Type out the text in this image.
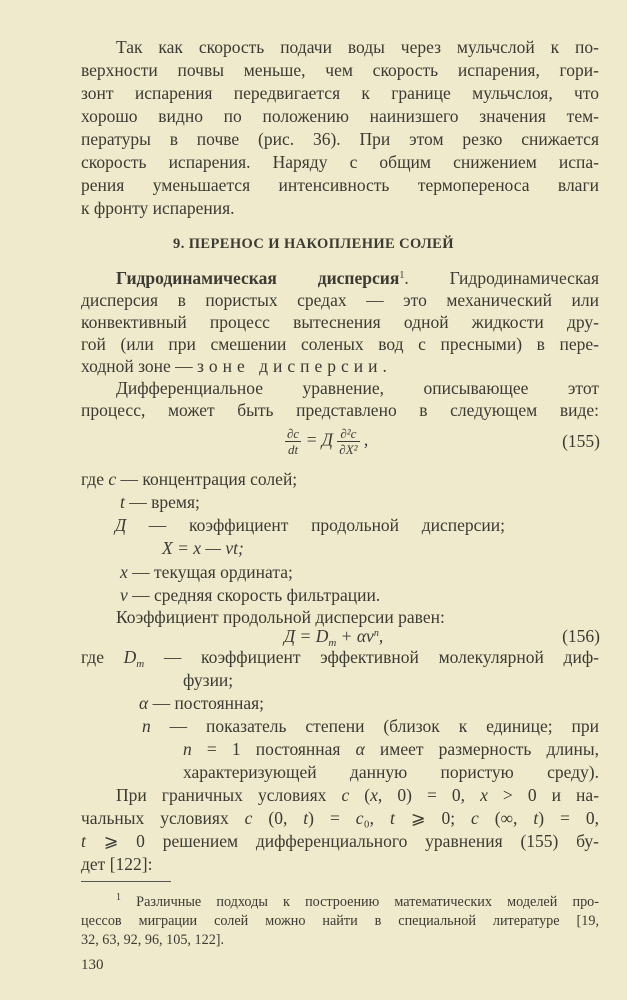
Так как скорость подачи воды через мульчслой к по-
верхности почвы меньше, чем скорость испарения, гори-
зонт испарения передвигается к границе мульчслоя, что
хорошо видно по положению наинизшего значения тем-
пературы в почве (рис. 36). При этом резко снижается
скорость испарения. Наряду с общим снижением испа-
рения уменьшается интенсивность термопереноса влаги
к фронту испарения.
9. ПЕРЕНОС И НАКОПЛЕНИЕ СОЛЕЙ
Гидродинамическая дисперсия$^1$. Гидродинамическая
дисперсия в пористых средах — это механический или
конвективный процесс вытеснения одной жидкости дру-
гой (или при смешении соленых вод с пресными) в пере-
ходной зоне — зоне дисперсии.
Дифференциальное уравнение, описывающее этот
процесс, может быть представлено в следующем виде:
$\frac{\partial c}{dt} = Д \frac{\text{∂²c}}{\text{∂X²}}$ ,	(155)
где c — концентрация солей;
t — время;
Д — коэффициент продольной дисперсии;
X = x — vt;
x — текущая ордината;
v — средняя скорость фильтрации.
Коэффициент продольной дисперсии равен:
$Д = D_m + \alpha v^n$,	(156)
где $D_m$ — коэффициент эффективной молекулярной диф-
фузии;
α — постоянная;
n — показатель степени (близок к единице; при
n = 1 постоянная α имеет размерность длины,
характеризующей данную пористую среду).
При граничных условиях c (x, 0) = 0, x > 0 и на-
чальных условиях c (0, t) = c₀, t ⩾ 0; c (∞, t) = 0,
t ⩾ 0 решением дифференциального уравнения (155) бу-
дет [122]:
$^1$ Различные подходы к построению математических моделей про-
цессов миграции солей можно найти в специальной литературе [19,
32, 63, 92, 96, 105, 122].
130
